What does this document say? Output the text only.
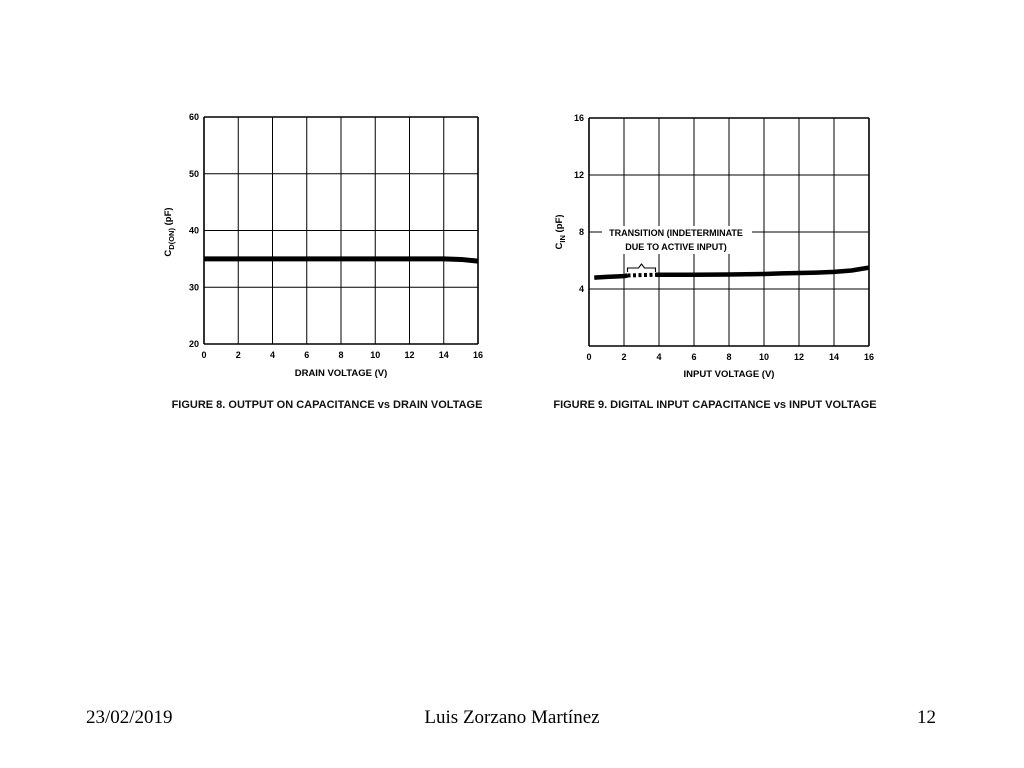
0	2	4	6	8	10	12	14	16
20
30
40
50
60
DRAIN VOLTAGE (V)
$C_{D(ON)}$ (pF)
FIGURE 8. OUTPUT ON CAPACITANCE vs DRAIN VOLTAGE
0	2	4	6	8	10	12	14	16
4
8
12
16
TRANSITION (INDETERMINATE
DUE TO ACTIVE INPUT)
INPUT VOLTAGE (V)
$C_{IN}$ (pF)
FIGURE 9. DIGITAL INPUT CAPACITANCE vs INPUT VOLTAGE
23/02/2019	Luis Zorzano Martínez	12
